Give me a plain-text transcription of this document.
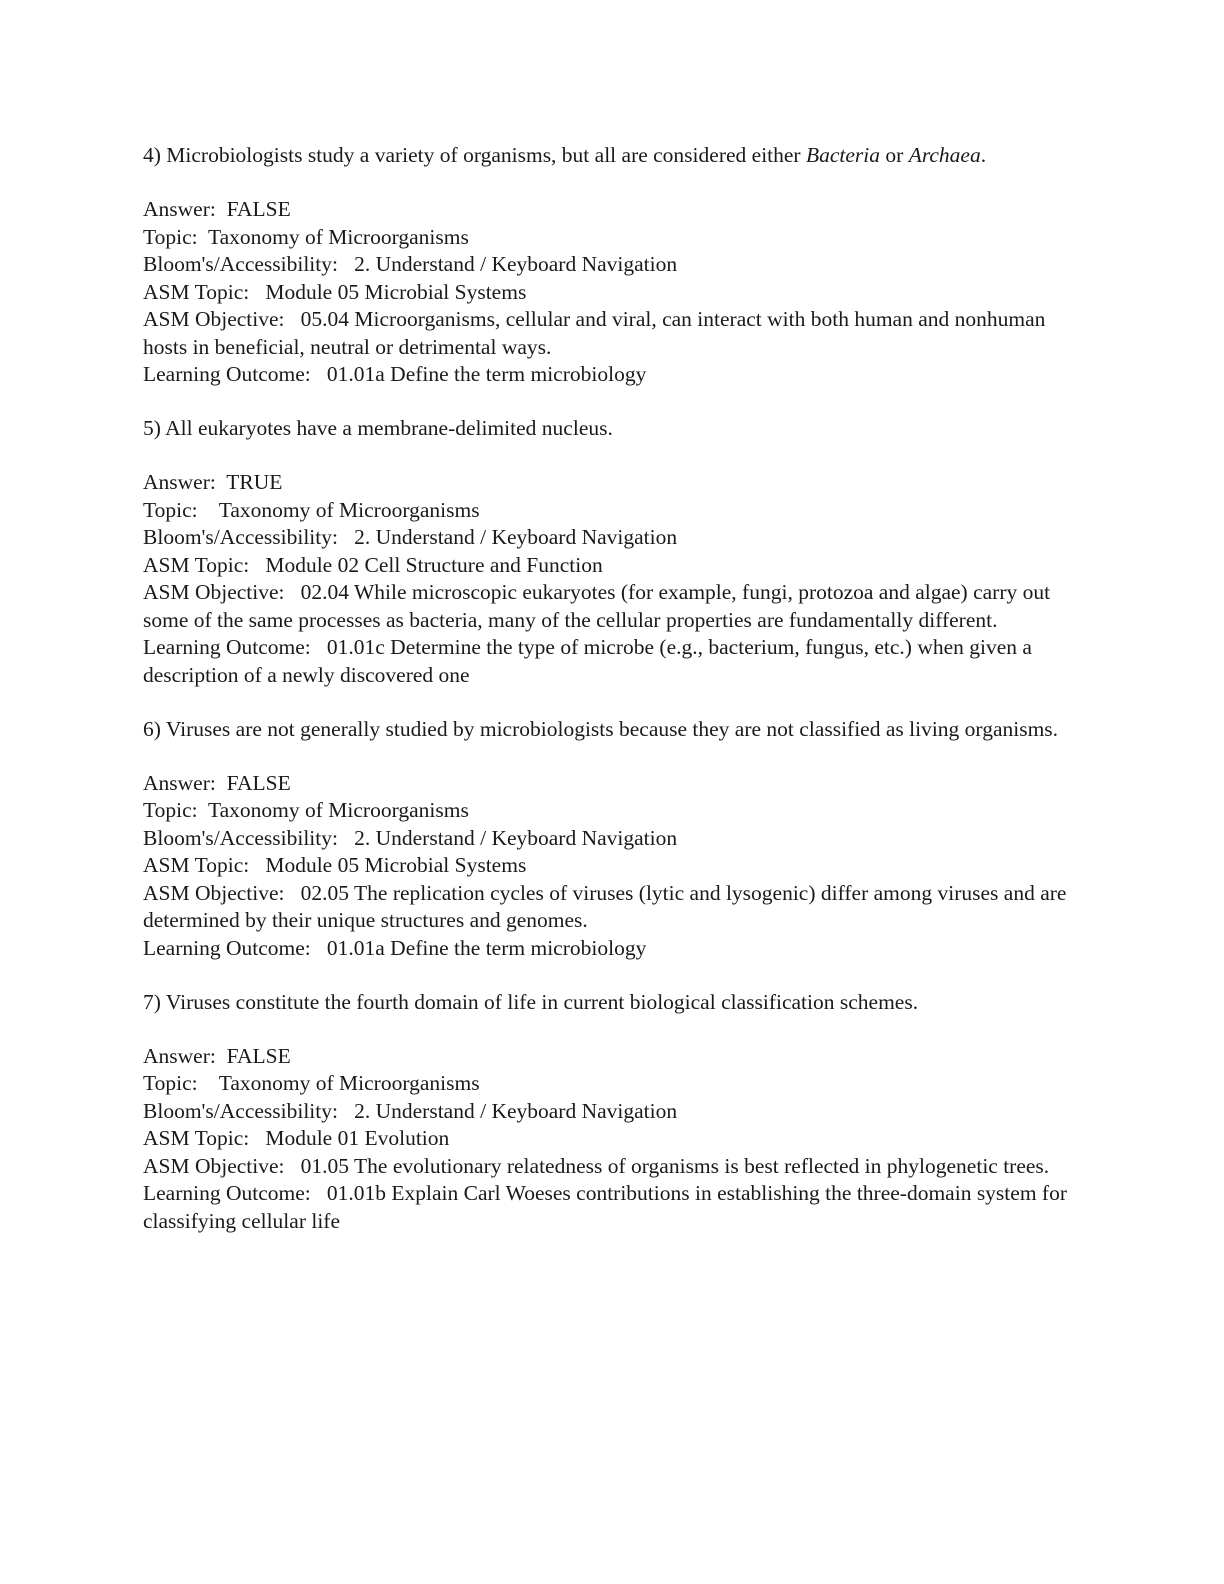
4) Microbiologists study a variety of organisms, but all are considered either Bacteria or Archaea.
Answer:  FALSE
Topic:  Taxonomy of Microorganisms
Bloom's/Accessibility:   2. Understand / Keyboard Navigation
ASM Topic:   Module 05 Microbial Systems
ASM Objective:   05.04 Microorganisms, cellular and viral, can interact with both human and nonhuman hosts in beneficial, neutral or detrimental ways.
Learning Outcome:   01.01a Define the term microbiology
5) All eukaryotes have a membrane-delimited nucleus.
Answer:  TRUE
Topic:    Taxonomy of Microorganisms
Bloom's/Accessibility:   2. Understand / Keyboard Navigation
ASM Topic:   Module 02 Cell Structure and Function
ASM Objective:   02.04 While microscopic eukaryotes (for example, fungi, protozoa and algae) carry out some of the same processes as bacteria, many of the cellular properties are fundamentally different.
Learning Outcome:   01.01c Determine the type of microbe (e.g., bacterium, fungus, etc.) when given a description of a newly discovered one
6) Viruses are not generally studied by microbiologists because they are not classified as living organisms.
Answer:  FALSE
Topic:  Taxonomy of Microorganisms
Bloom's/Accessibility:   2. Understand / Keyboard Navigation
ASM Topic:   Module 05 Microbial Systems
ASM Objective:   02.05 The replication cycles of viruses (lytic and lysogenic) differ among viruses and are determined by their unique structures and genomes.
Learning Outcome:   01.01a Define the term microbiology
7) Viruses constitute the fourth domain of life in current biological classification schemes.
Answer:  FALSE
Topic:    Taxonomy of Microorganisms
Bloom's/Accessibility:   2. Understand / Keyboard Navigation
ASM Topic:   Module 01 Evolution
ASM Objective:   01.05 The evolutionary relatedness of organisms is best reflected in phylogenetic trees.
Learning Outcome:   01.01b Explain Carl Woeses contributions in establishing the three-domain system for classifying cellular life
